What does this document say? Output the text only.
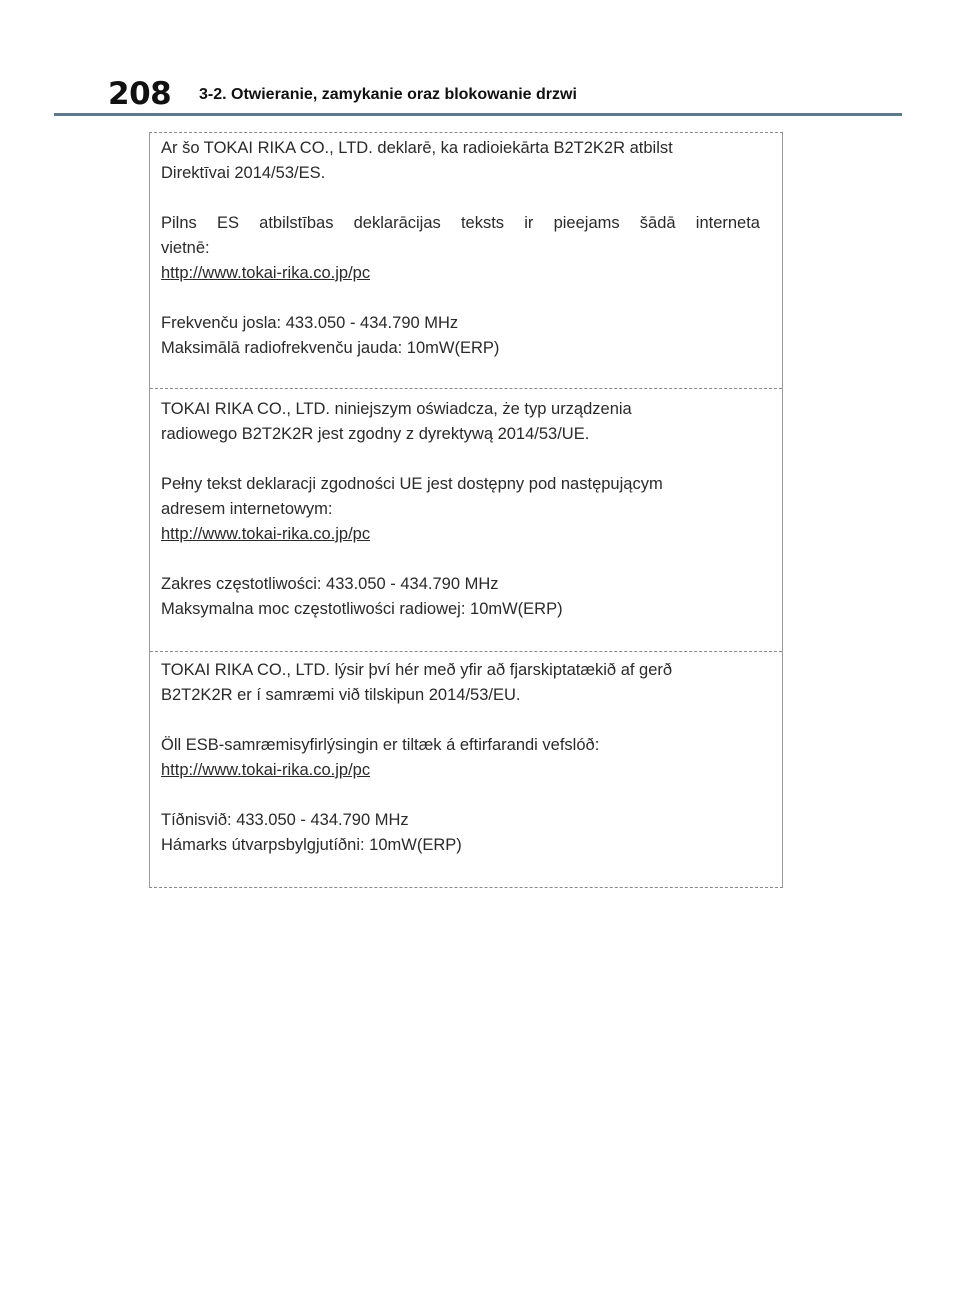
208 3-2. Otwieranie, zamykanie oraz blokowanie drzwi

Ar šo TOKAI RIKA CO., LTD. deklarē, ka radioiekārta B2T2K2R atbilst

Direktīvai 2014/53/ES.

Pilns ES atbilstības deklarācijas teksts ir pieejams šādā interneta

vietnē:

http://www.tokai-rika.co.jp/pc

Frekvenču josla: 433.050 - 434.790 MHz

Maksimālā radiofrekvenču jauda: 10mW(ERP)

TOKAI RIKA CO., LTD. niniejszym oświadcza, że typ urządzenia

radiowego B2T2K2R jest zgodny z dyrektywą 2014/53/UE.

Pełny tekst deklaracji zgodności UE jest dostępny pod następującym

adresem internetowym:

http://www.tokai-rika.co.jp/pc

Zakres częstotliwości: 433.050 - 434.790 MHz

Maksymalna moc częstotliwości radiowej: 10mW(ERP)

TOKAI RIKA CO., LTD. lýsir því hér með yfir að fjarskiptatækið af gerð

B2T2K2R er í samræmi við tilskipun 2014/53/EU.

Öll ESB-samræmisyfirlýsingin er tiltæk á eftirfarandi vefslóð:

http://www.tokai-rika.co.jp/pc

Tíðnisvið: 433.050 - 434.790 MHz

Hámarks útvarpsbylgjutíðni: 10mW(ERP)
